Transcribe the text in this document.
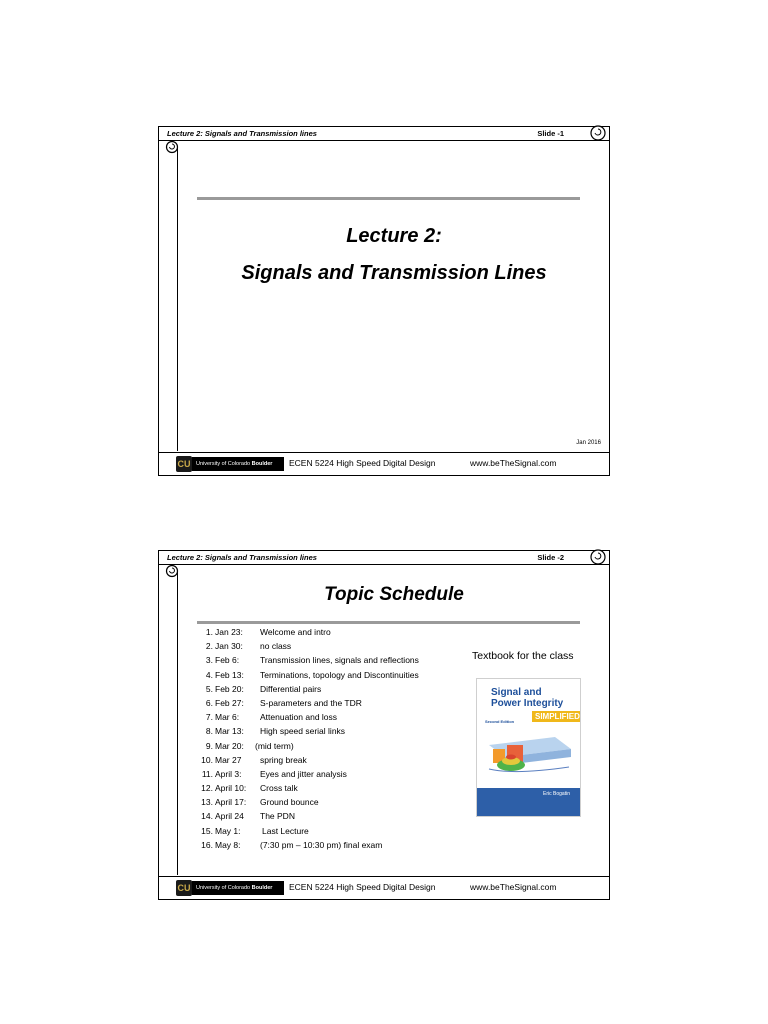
Lecture 2: Signals and Transmission lines	Slide -1
Lecture 2:
Signals and Transmission Lines
Jan 2016
CU	University of Colorado Boulder	ECEN 5224 High Speed Digital Design	www.beTheSignal.com
Lecture 2: Signals and Transmission lines	Slide -2
Topic Schedule
1. Jan 23: Welcome and intro
2. Jan 30: no class
3. Feb 6: Transmission lines, signals and reflections
4. Feb 13: Terminations, topology and Discontinuities
5. Feb 20: Differential pairs
6. Feb 27: S-parameters and the TDR
7. Mar 6: Attenuation and loss
8. Mar 13: High speed serial links
9. Mar 20: (mid term)
10. Mar 27 spring break
11. April 3: Eyes and jitter analysis
12. April 10: Cross talk
13. April 17: Ground bounce
14. April 24 The PDN
15. May 1:	Last Lecture
16. May 8: (7:30 pm – 10:30 pm) final exam
Textbook for the class
Signal and
Power Integrity
Second Edition
SIMPLIFIED
Eric Bogatin
CU	University of Colorado Boulder	ECEN 5224 High Speed Digital Design	www.beTheSignal.com
